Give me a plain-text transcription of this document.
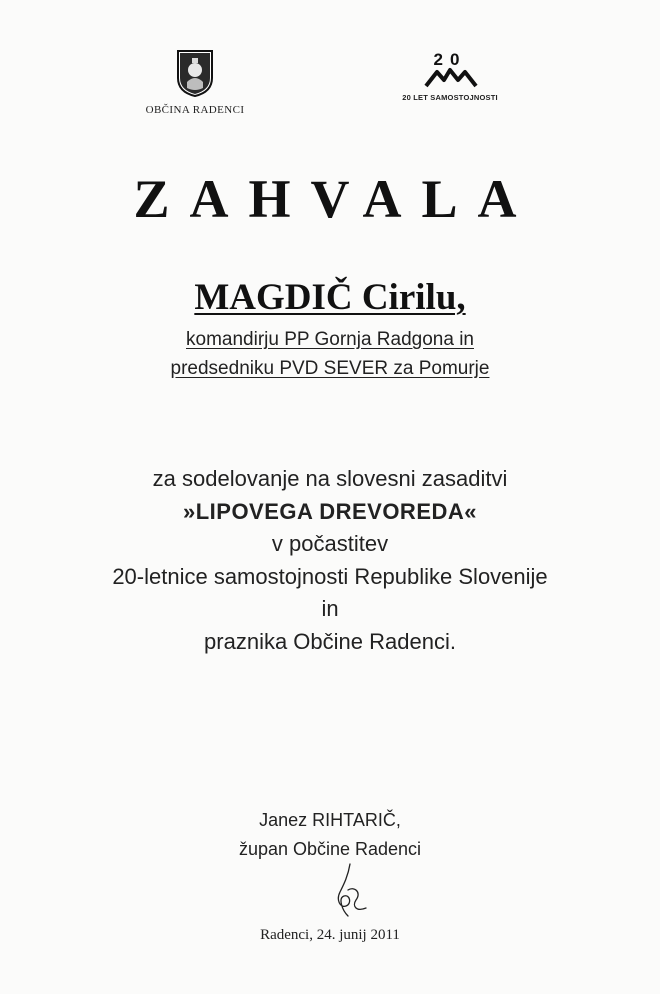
OBČINA RADENCI
20
20 LET SAMOSTOJNOSTI
ZAHVALA
MAGDIČ Cirilu,
komandirju PP Gornja Radgona in
predsedniku PVD SEVER za Pomurje
za sodelovanje na slovesni zasaditvi
»LIPOVEGA DREVOREDA«
v počastitev
20-letnice samostojnosti Republike Slovenije
in
praznika Občine Radenci.
Janez RIHTARIČ,
župan Občine Radenci
Radenci, 24. junij 2011
